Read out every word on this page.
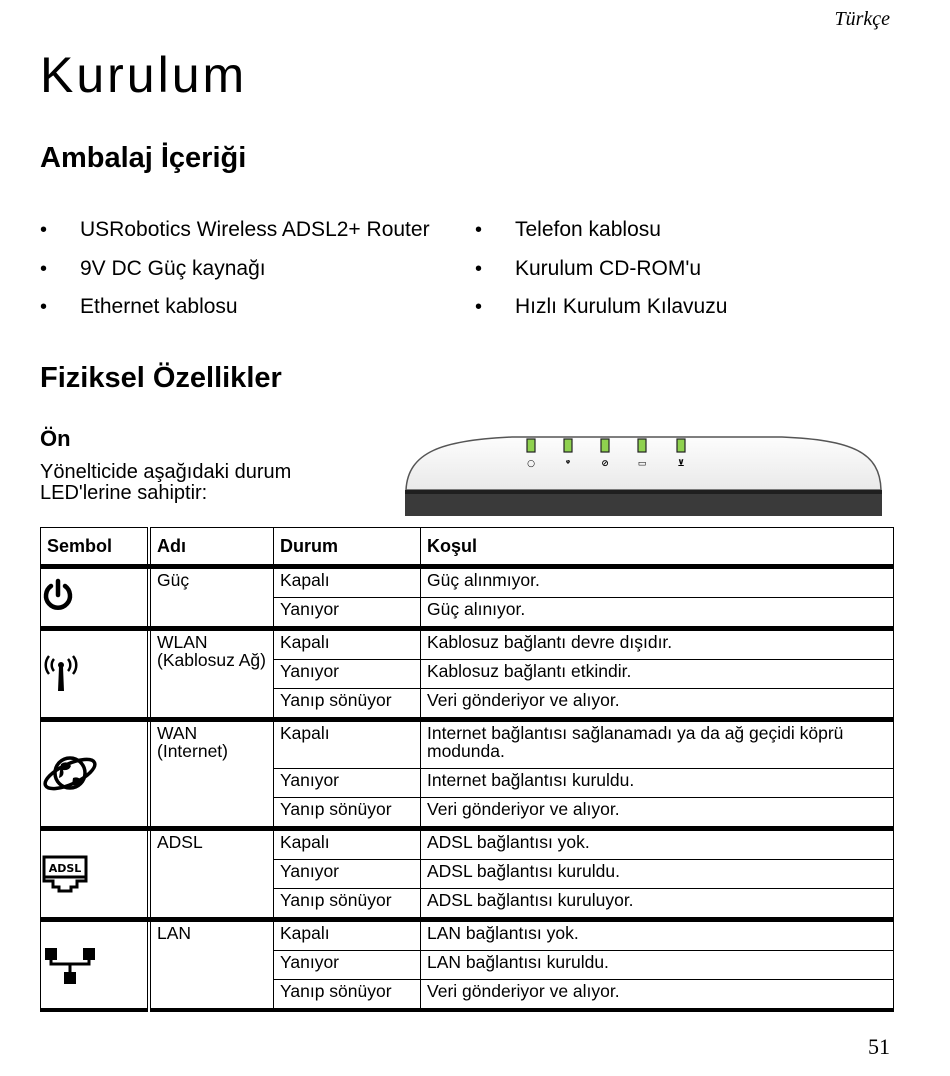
Türkçe
Kurulum
Ambalaj İçeriği
• USRobotics Wireless ADSL2+ Router
• 9V DC Güç kaynağı
• Ethernet kablosu
• Telefon kablosu
• Kurulum CD-ROM'u
• Hızlı Kurulum Kılavuzu
Fiziksel Özellikler
Ön
Yönelticide aşağıdaki durum LED'lerine sahiptir:
○	ᵠ	⊘	▭	⊻
Sembol	Adı	Durum	Koşul
	Güç	Kapalı	Güç alınmıyor.
		Yanıyor	Güç alınıyor.
	WLAN (Kablosuz Ağ)	Kapalı	Kablosuz bağlantı devre dışıdır.
		Yanıyor	Kablosuz bağlantı etkindir.
		Yanıp sönüyor	Veri gönderiyor ve alıyor.
	WAN (Internet)	Kapalı	Internet bağlantısı sağlanamadı ya da ağ geçidi köprü modunda.
		Yanıyor	Internet bağlantısı kuruldu.
		Yanıp sönüyor	Veri gönderiyor ve alıyor.

ADSL	ADSL	Kapalı	ADSL bağlantısı yok.
		Yanıyor	ADSL bağlantısı kuruldu.
		Yanıp sönüyor	ADSL bağlantısı kuruluyor.
	LAN	Kapalı	LAN bağlantısı yok.
		Yanıyor	LAN bağlantısı kuruldu.
		Yanıp sönüyor	Veri gönderiyor ve alıyor.
51
